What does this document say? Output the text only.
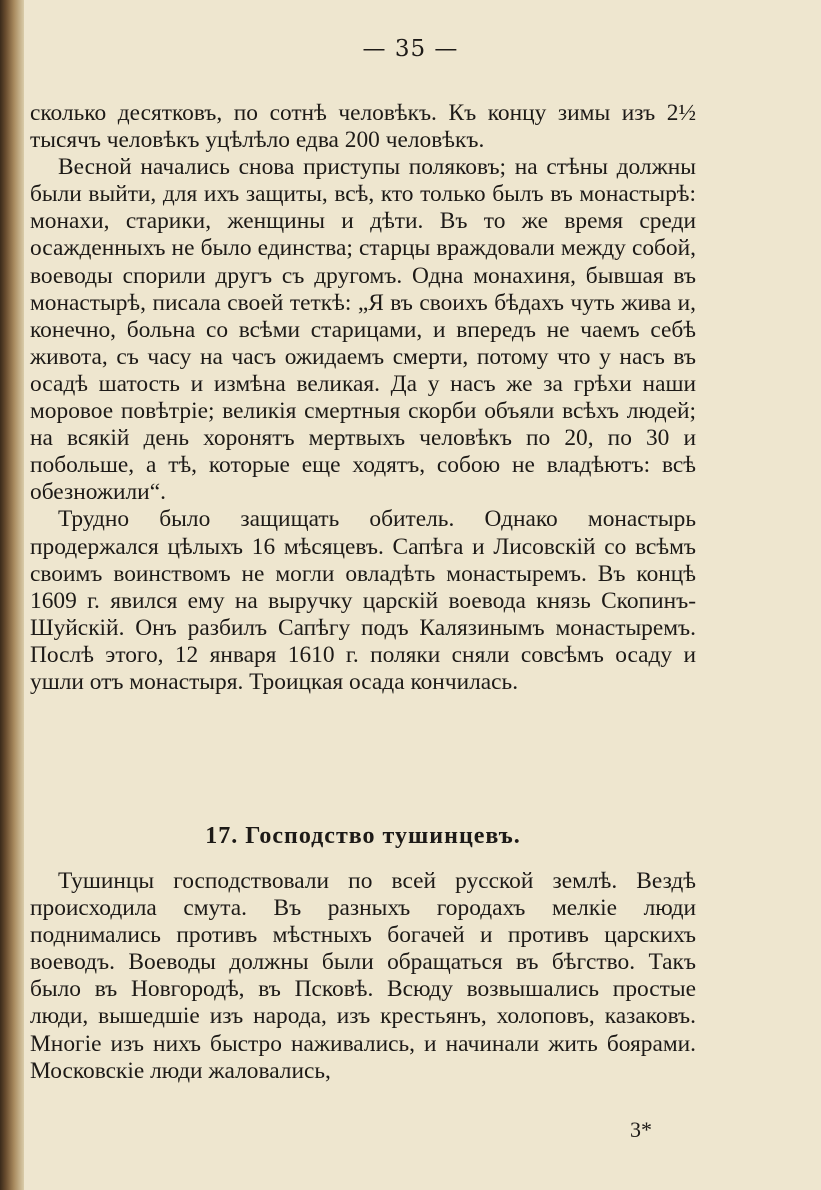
— 35 —

сколько десятковъ, по сотнѣ человѣкъ. Къ концу зимы изъ 2½ тысячъ человѣкъ уцѣлѣло едва 200 человѣкъ.

Весной начались снова приступы поляковъ; на стѣны должны были выйти, для ихъ защиты, всѣ, кто только былъ въ монастырѣ: монахи, старики, женщины и дѣти. Въ то же время среди осажденныхъ не было единства; старцы враждовали между собой, воеводы спорили другъ съ другомъ. Одна монахиня, бывшая въ монастырѣ, писала своей теткѣ: „Я въ своихъ бѣдахъ чуть жива и, конечно, больна со всѣми старицами, и впередъ не чаемъ себѣ живота, съ часу на часъ ожидаемъ смерти, потому что у насъ въ осадѣ шатость и измѣна великая. Да у насъ же за грѣхи наши моровое повѣтріе; великія смертныя скорби объяли всѣхъ людей; на всякій день хоронятъ мертвыхъ человѣкъ по 20, по 30 и побольше, а тѣ, которые еще ходятъ, собою не владѣютъ: всѣ обезножили“.

Трудно было защищать обитель. Однако монастырь продержался цѣлыхъ 16 мѣсяцевъ. Сапѣга и Лисовскій со всѣмъ своимъ воинствомъ не могли овладѣть монастыремъ. Въ концѣ 1609 г. явился ему на выручку царскій воевода князь Скопинъ-Шуйскій. Онъ разбилъ Сапѣгу подъ Калязинымъ монастыремъ. Послѣ этого, 12 января 1610 г. поляки сняли совсѣмъ осаду и ушли отъ монастыря. Троицкая осада кончилась.

17. Господство тушинцевъ.

Тушинцы господствовали по всей русской землѣ. Вездѣ происходила смута. Въ разныхъ городахъ мелкіе люди поднимались противъ мѣстныхъ богачей и противъ царскихъ воеводъ. Воеводы должны были обращаться въ бѣгство. Такъ было въ Новгородѣ, въ Псковѣ. Всюду возвышались простые люди, вышедшіе изъ народа, изъ крестьянъ, холоповъ, казаковъ. Многіе изъ нихъ быстро наживались, и начинали жить боярами. Московскіе люди жаловались,

3*
